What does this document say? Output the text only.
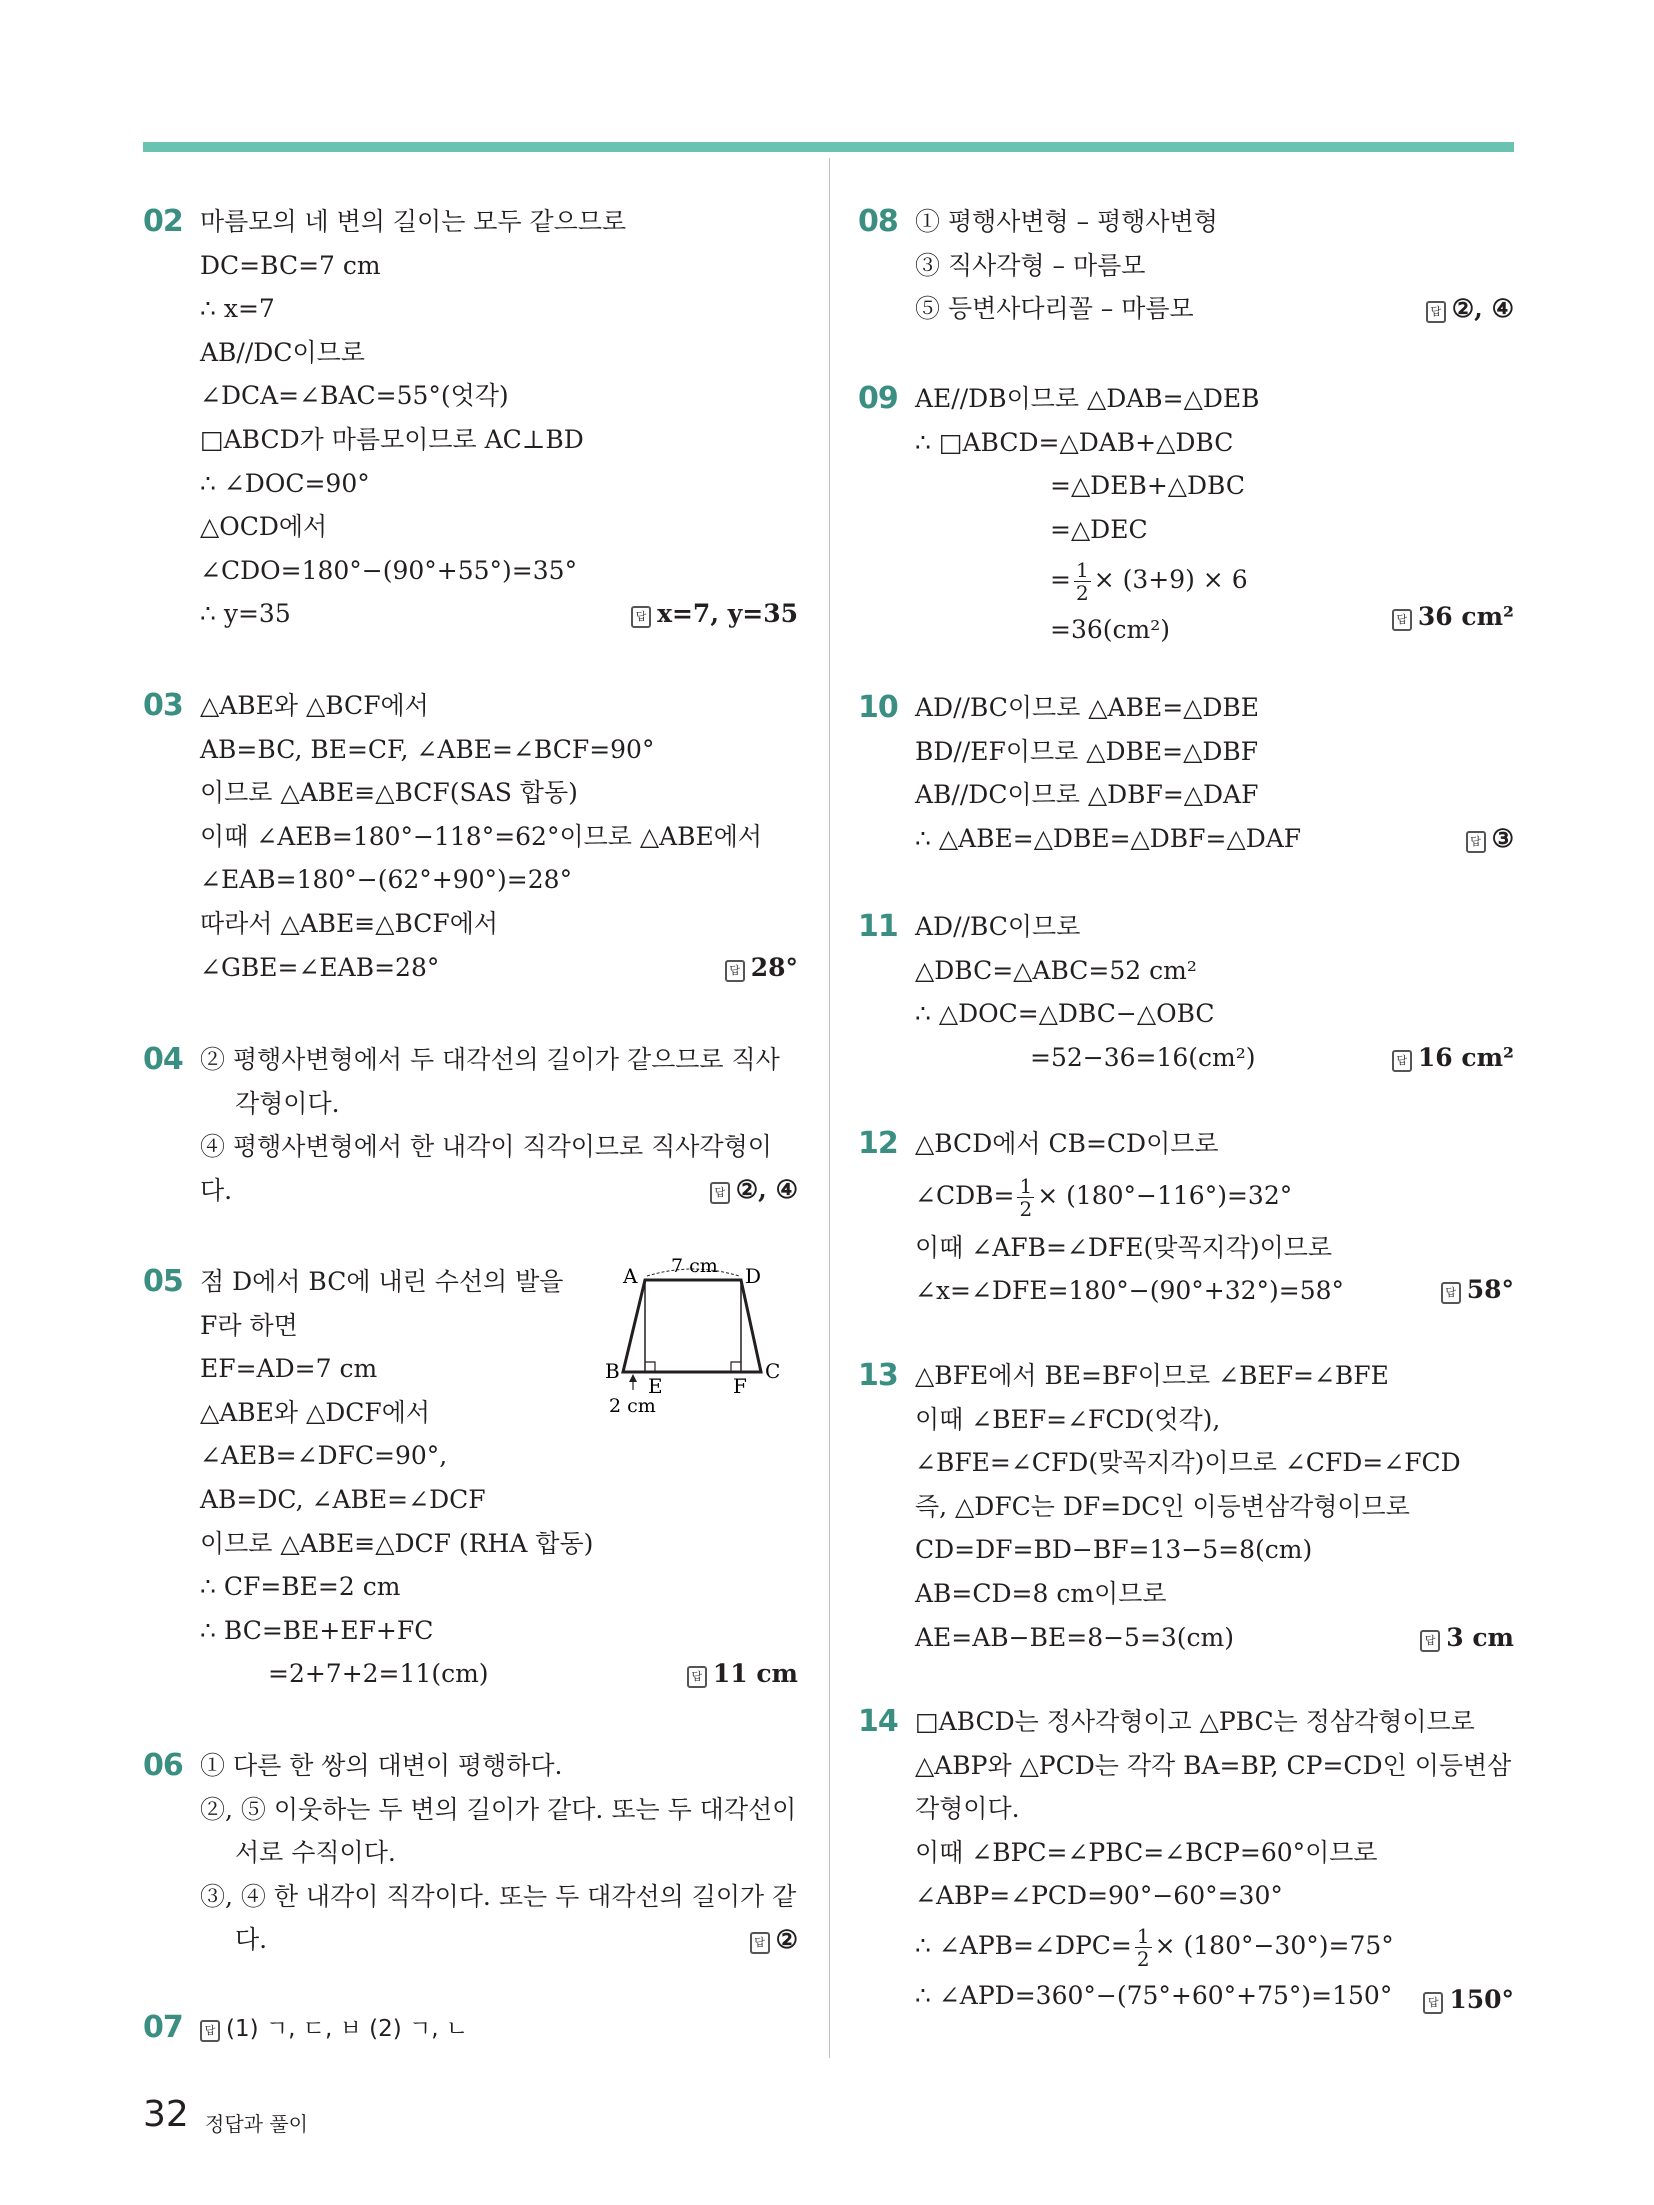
02 마름모의 네 변의 길이는 모두 같으므로
DC=BC=7 cm
∴ x=7
AB//DC이므로
∠DCA=∠BAC=55°(엇각)
□ABCD가 마름모이므로 AC⊥BD
∴ ∠DOC=90°
△OCD에서
∠CDO=180°−(90°+55°)=35°
∴ y=35	답 x=7, y=35
03 △ABE와 △BCF에서
AB=BC, BE=CF, ∠ABE=∠BCF=90°
이므로 △ABE≡△BCF(SAS 합동)
이때 ∠AEB=180°−118°=62°이므로 △ABE에서
∠EAB=180°−(62°+90°)=28°
따라서 △ABE≡△BCF에서
∠GBE=∠EAB=28°	답 28°
04 ② 평행사변형에서 두 대각선의 길이가 같으므로 직사각형이다.
④ 평행사변형에서 한 내각이 직각이므로 직사각형이다.	답 ②, ④
05 점 D에서 BC에 내린 수선의 발을
F라 하면
EF=AD=7 cm
△ABE와 △DCF에서
∠AEB=∠DFC=90°,
AB=DC, ∠ABE=∠DCF
이므로 △ABE≡△DCF (RHA 합동)
∴ CF=BE=2 cm
∴ BC=BE+EF+FC
=2+7+2=11(cm)	답 11 cm
7 cm
A	D
B	C
E	F
2 cm
06 ① 다른 한 쌍의 대변이 평행하다.
②, ⑤ 이웃하는 두 변의 길이가 같다. 또는 두 대각선이 서로 수직이다.
③, ④ 한 내각이 직각이다. 또는 두 대각선의 길이가 같다.	답 ②
07	답 (1) ㄱ, ㄷ, ㅂ (2) ㄱ, ㄴ
08 ① 평행사변형 – 평행사변형
③ 직사각형 – 마름모
⑤ 등변사다리꼴 – 마름모	답 ②, ④
09 AE//DB이므로 △DAB=△DEB
∴ □ABCD=△DAB+△DBC
=△DEB+△DBC
=△DEC
= $\frac{1}{2} \times (3+9) \times 6$
=36(cm²)	답 36 cm²
10 AD//BC이므로 △ABE=△DBE
BD//EF이므로 △DBE=△DBF
AB//DC이므로 △DBF=△DAF
∴ △ABE=△DBE=△DBF=△DAF	답 ③
11 AD//BC이므로
△DBC=△ABC=52 cm²
∴ △DOC=△DBC−△OBC
=52−36=16(cm²)	답 16 cm²
12 △BCD에서 CB=CD이므로
∠CDB= $\frac{1}{2} \times (180^\circ-116^\circ)=32^\circ$
이때 ∠AFB=∠DFE(맞꼭지각)이므로
∠x=∠DFE=180°−(90°+32°)=58°	답 58°
13 △BFE에서 BE=BF이므로 ∠BEF=∠BFE
이때 ∠BEF=∠FCD(엇각),
∠BFE=∠CFD(맞꼭지각)이므로 ∠CFD=∠FCD
즉, △DFC는 DF=DC인 이등변삼각형이므로
CD=DF=BD−BF=13−5=8(cm)
AB=CD=8 cm이므로
AE=AB−BE=8−5=3(cm)	답 3 cm
14 □ABCD는 정사각형이고 △PBC는 정삼각형이므로
△ABP와 △PCD는 각각 BA=BP, CP=CD인 이등변삼각형이다.
이때 ∠BPC=∠PBC=∠BCP=60°이므로
∠ABP=∠PCD=90°−60°=30°
∴ ∠APB=∠DPC= $\frac{1}{2} \times (180^\circ-30^\circ)=75^\circ$
∴ ∠APD=360°−(75°+60°+75°)=150°	답 150°
32 정답과 풀이
